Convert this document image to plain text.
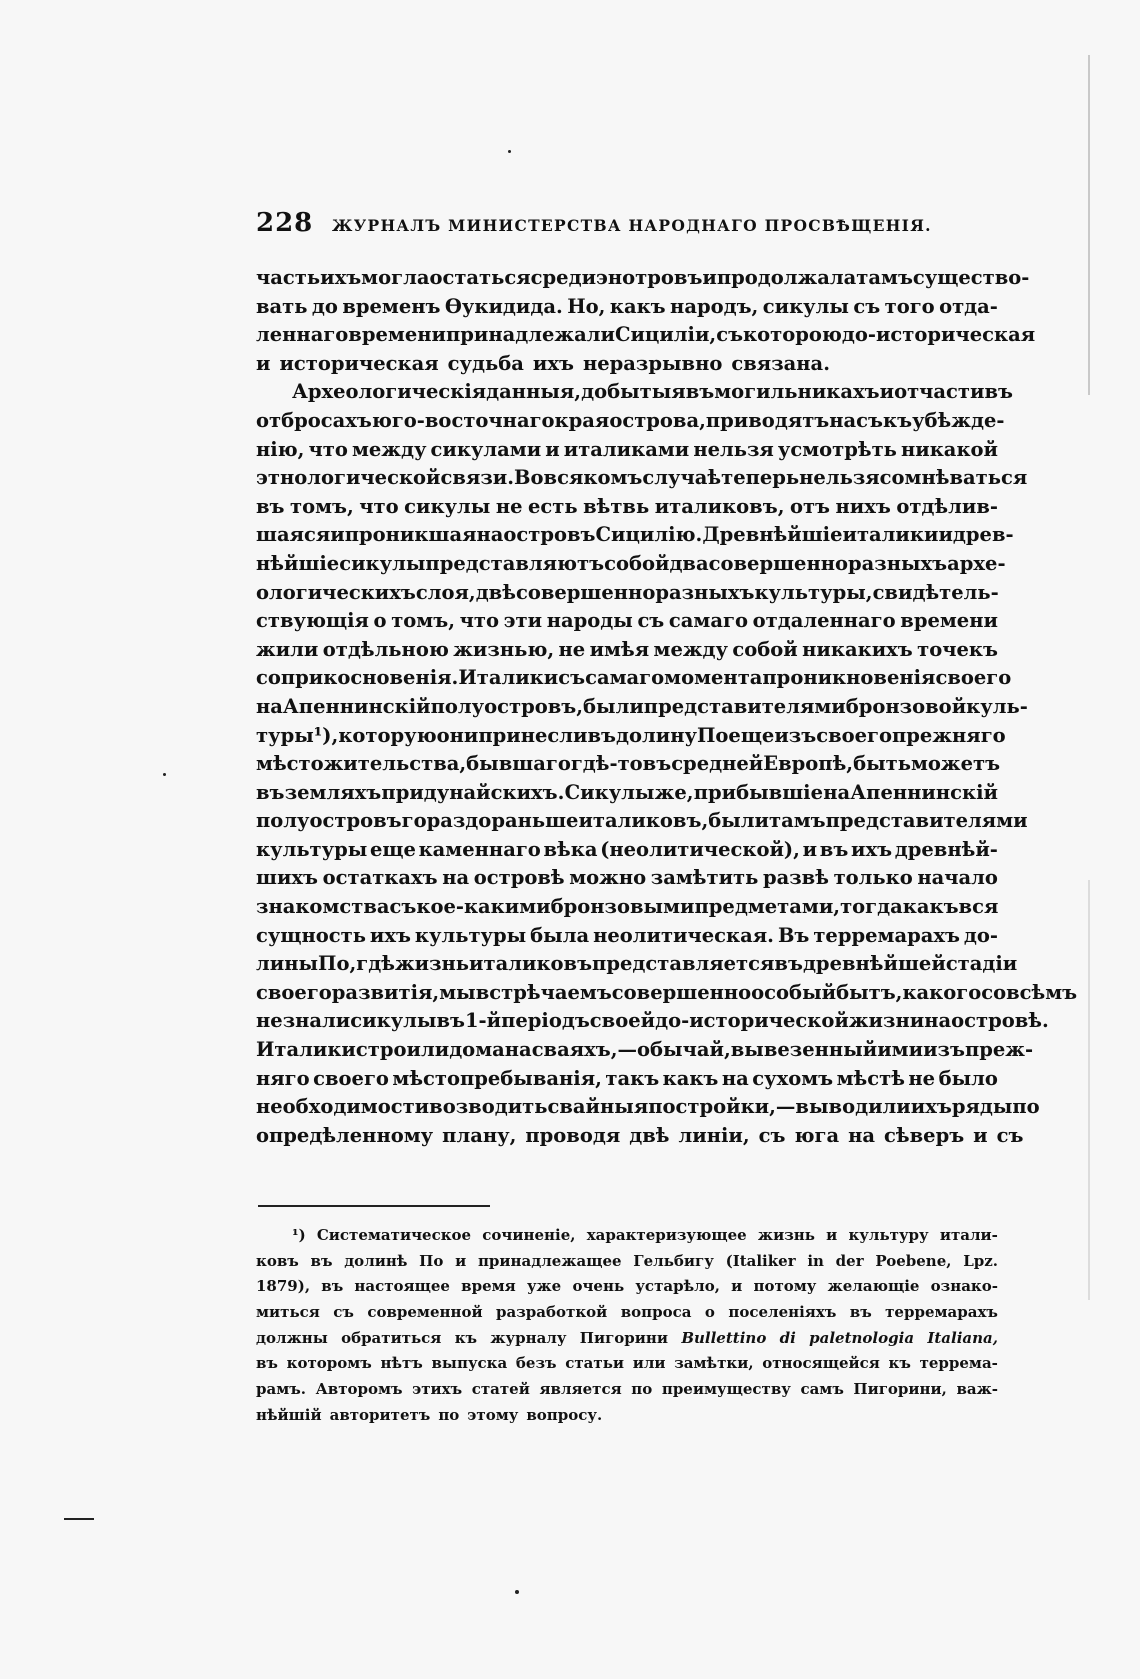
228 ЖУРНАЛЪ МИНИСТЕРСТВА НАРОДНАГО ПРОСВѢЩЕНІЯ.
часть ихъ могла остаться среди энотровъ и продолжала тамъ существо-
вать до временъ Өукидида. Но, какъ народъ, сикулы съ того отда-
леннаго времени принадлежали Сициліи, съ которою до-историческая
и историческая судьба ихъ неразрывно связана.
Археологическія данныя, добытыя въ могильникахъ и отчасти въ
отбросахъ юго-восточнаго края острова, приводятъ насъ къ убѣжде-
нію, что между сикулами и италиками нельзя усмотрѣть никакой
этнологической связи. Во всякомъ случаѣ теперь нельзя сомнѣваться
въ томъ, что сикулы не есть вѣтвь италиковъ, отъ нихъ отдѣлив-
шаяся и проникшая на островъ Сицилію. Древнѣйшіе италики и древ-
нѣйшіе сикулы представляютъ собой два совершенно разныхъ архе-
ологическихъ слоя, двѣ совершенно разныхъ культуры, свидѣтель-
ствующія о томъ, что эти народы съ самаго отдаленнаго времени
жили отдѣльною жизнью, не имѣя между собой никакихъ точекъ
соприкосновенія. Италики съ самаго момента проникновенія своего
на Апеннинскій полуостровъ, были представителями бронзовой куль-
туры ¹), которую они принесли въ долину По еще изъ своего прежняго
мѣстожительства, бывшаго гдѣ-то въ средней Европѣ, быть можетъ
въ земляхъ придунайскихъ. Сикулы же, прибывшіе на Апеннинскій
полуостровъ гораздо раньше италиковъ, были тамъ представителями
культуры еще каменнаго вѣка (неолитической), и въ ихъ древнѣй-
шихъ остаткахъ на островѣ можно замѣтить развѣ только начало
знакомства съ кое-какими бронзовыми предметами, тогда какъ вся
сущность ихъ культуры была неолитическая. Въ терремарахъ до-
лины По, гдѣ жизнь италиковъ представляется въ древнѣйшей стадіи
своего развитія, мы встрѣчаемъ совершенно особый бытъ, какого совсѣмъ
не знали сикулы въ 1-й періодъ своей до-исторической жизни на островѣ.
Италики строили дома на сваяхъ,—обычай, вывезенный ими изъ преж-
няго своего мѣстопребыванія, такъ какъ на сухомъ мѣстѣ не было
необходимости возводить свайныя постройки,—выводили ихъ ряды по
опредѣленному плану, проводя двѣ линіи, съ юга на сѣверъ и съ
¹) Систематическое сочиненіе, характеризующее жизнь и культуру итали-
ковъ въ долинѣ По и принадлежащее Гельбигу (Italiker in der Poebene, Lpz.
1879), въ настоящее время уже очень устарѣло, и потому желающіе ознако-
миться съ современной разработкой вопроса о поселеніяхъ въ терремарахъ
должны обратиться къ журналу Пигорини Bullettino di paletnologia Italiana,
въ которомъ нѣтъ выпуска безъ статьи или замѣтки, относящейся къ террема-
рамъ. Авторомъ этихъ статей является по преимуществу самъ Пигорини, важ-
нѣйшій авторитетъ по этому вопросу.
